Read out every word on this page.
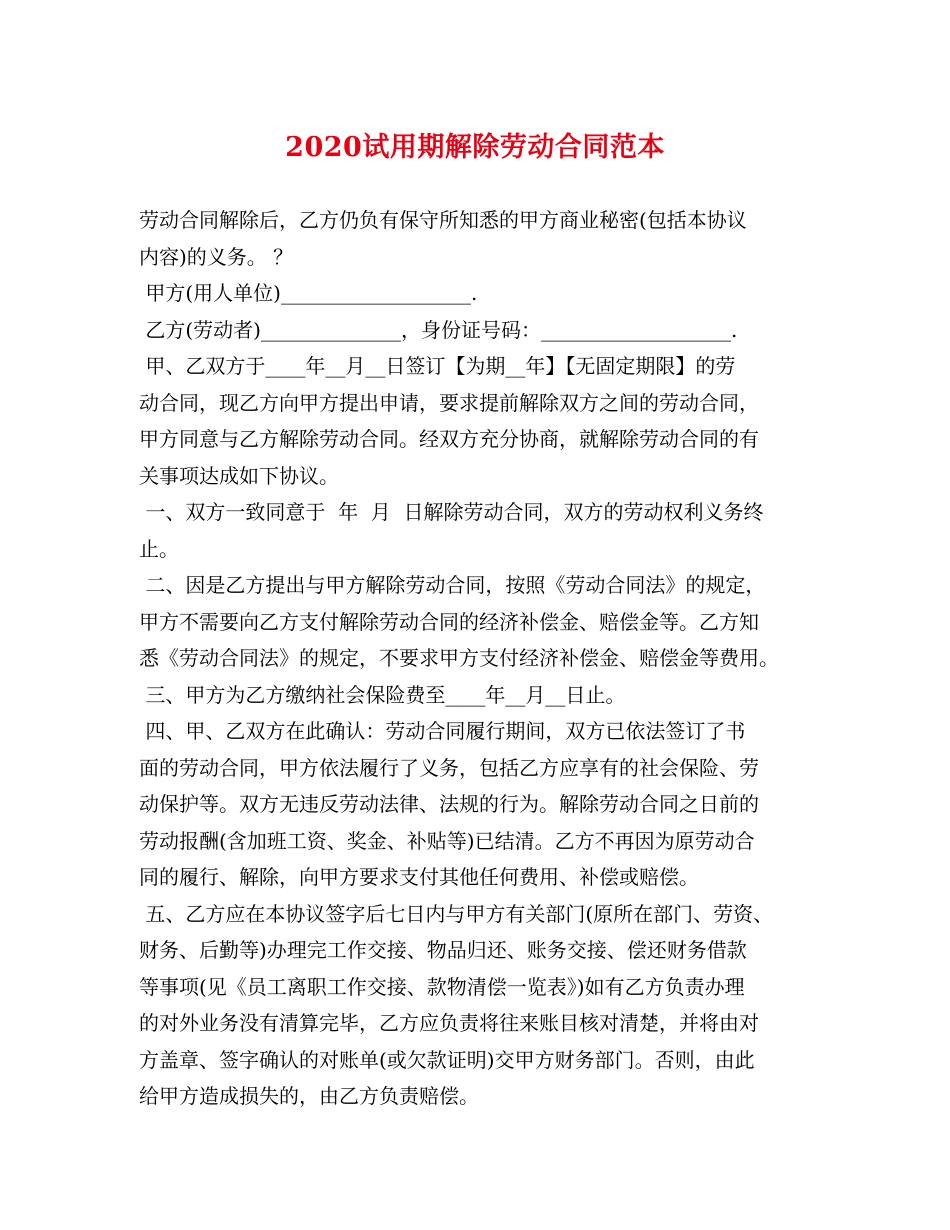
2020试用期解除劳动合同范本
劳动合同解除后，乙方仍负有保守所知悉的甲方商业秘密(包括本协议
内容)的义务。 ？
甲方(用人单位)___________________.
乙方(劳动者)______________，身份证号码：___________________.
甲、乙双方于____年__月__日签订【为期__年】【无固定期限】的劳
动合同，现乙方向甲方提出申请，要求提前解除双方之间的劳动合同，
甲方同意与乙方解除劳动合同。经双方充分协商，就解除劳动合同的有
关事项达成如下协议。
一、双方一致同意于  年  月  日解除劳动合同，双方的劳动权利义务终
止。
二、因是乙方提出与甲方解除劳动合同，按照《劳动合同法》的规定，
甲方不需要向乙方支付解除劳动合同的经济补偿金、赔偿金等。乙方知
悉《劳动合同法》的规定，不要求甲方支付经济补偿金、赔偿金等费用。
三、甲方为乙方缴纳社会保险费至____年__月__日止。
四、甲、乙双方在此确认：劳动合同履行期间，双方已依法签订了书
面的劳动合同，甲方依法履行了义务，包括乙方应享有的社会保险、劳
动保护等。双方无违反劳动法律、法规的行为。解除劳动合同之日前的
劳动报酬(含加班工资、奖金、补贴等)已结清。乙方不再因为原劳动合
同的履行、解除，向甲方要求支付其他任何费用、补偿或赔偿。
五、乙方应在本协议签字后七日内与甲方有关部门(原所在部门、劳资、
财务、后勤等)办理完工作交接、物品归还、账务交接、偿还财务借款
等事项(见《员工离职工作交接、款物清偿一览表》)如有乙方负责办理
的对外业务没有清算完毕，乙方应负责将往来账目核对清楚，并将由对
方盖章、签字确认的对账单(或欠款证明)交甲方财务部门。否则，由此
给甲方造成损失的，由乙方负责赔偿。
